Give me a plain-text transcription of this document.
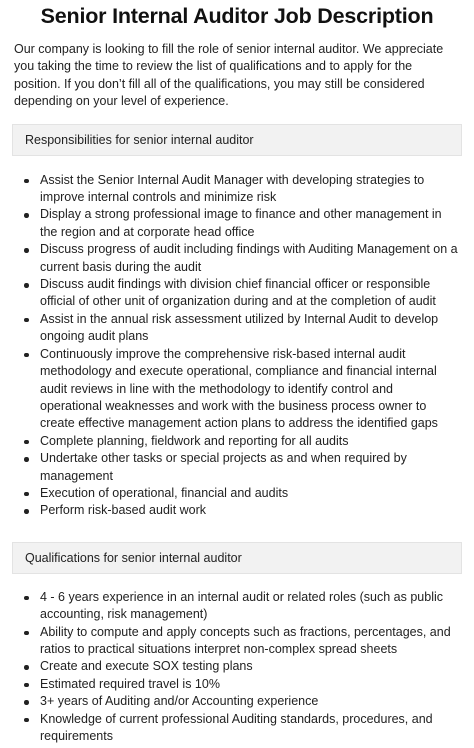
Senior Internal Auditor Job Description

Our company is looking to fill the role of senior internal auditor. We appreciate you taking the time to review the list of qualifications and to apply for the position. If you don’t fill all of the qualifications, you may still be considered depending on your level of experience.

Responsibilities for senior internal auditor
Assist the Senior Internal Audit Manager with developing strategies to improve internal controls and minimize risk
Display a strong professional image to finance and other management in the region and at corporate head office
Discuss progress of audit including findings with Auditing Management on a current basis during the audit
Discuss audit findings with division chief financial officer or responsible official of other unit of organization during and at the completion of audit
Assist in the annual risk assessment utilized by Internal Audit to develop ongoing audit plans
Continuously improve the comprehensive risk-based internal audit methodology and execute operational, compliance and financial internal audit reviews in line with the methodology to identify control and operational weaknesses and work with the business process owner to create effective management action plans to address the identified gaps
Complete planning, fieldwork and reporting for all audits
Undertake other tasks or special projects as and when required by management
Execution of operational, financial and audits
Perform risk-based audit work
Qualifications for senior internal auditor
4 - 6 years experience in an internal audit or related roles (such as public accounting, risk management)
Ability to compute and apply concepts such as fractions, percentages, and ratios to practical situations interpret non-complex spread sheets
Create and execute SOX testing plans
Estimated required travel is 10%
3+ years of Auditing and/or Accounting experience
Knowledge of current professional Auditing standards, procedures, and requirements
